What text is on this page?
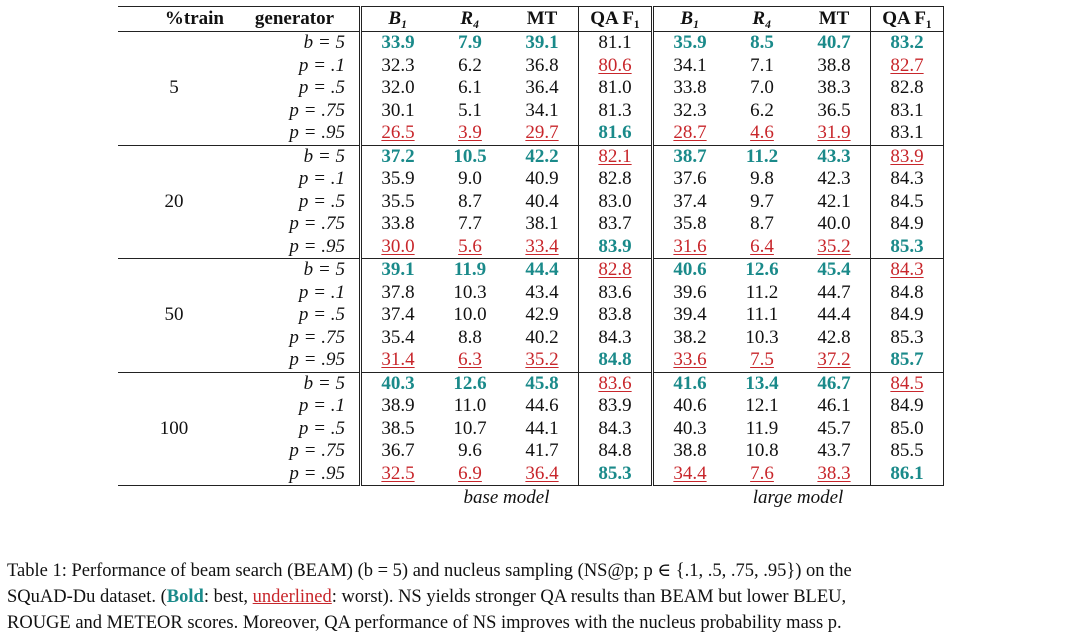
%train	generator	B₁	R₄	MT	QA F₁	B₁	R₄	MT	QA F₁
	b = 5	33.9	7.9	39.1	81.1	35.9	8.5	40.7	83.2
	p = .1	32.3	6.2	36.8	80.6	34.1	7.1	38.8	82.7
5	p = .5	32.0	6.1	36.4	81.0	33.8	7.0	38.3	82.8
	p = .75	30.1	5.1	34.1	81.3	32.3	6.2	36.5	83.1
	p = .95	26.5	3.9	29.7	81.6	28.7	4.6	31.9	83.1
	b = 5	37.2	10.5	42.2	82.1	38.7	11.2	43.3	83.9
	p = .1	35.9	9.0	40.9	82.8	37.6	9.8	42.3	84.3
20	p = .5	35.5	8.7	40.4	83.0	37.4	9.7	42.1	84.5
	p = .75	33.8	7.7	38.1	83.7	35.8	8.7	40.0	84.9
	p = .95	30.0	5.6	33.4	83.9	31.6	6.4	35.2	85.3
	b = 5	39.1	11.9	44.4	82.8	40.6	12.6	45.4	84.3
	p = .1	37.8	10.3	43.4	83.6	39.6	11.2	44.7	84.8
50	p = .5	37.4	10.0	42.9	83.8	39.4	11.1	44.4	84.9
	p = .75	35.4	8.8	40.2	84.3	38.2	10.3	42.8	85.3
	p = .95	31.4	6.3	35.2	84.8	33.6	7.5	37.2	85.7
	b = 5	40.3	12.6	45.8	83.6	41.6	13.4	46.7	84.5
	p = .1	38.9	11.0	44.6	83.9	40.6	12.1	46.1	84.9
100	p = .5	38.5	10.7	44.1	84.3	40.3	11.9	45.7	85.0
	p = .75	36.7	9.6	41.7	84.8	38.8	10.8	43.7	85.5
	p = .95	32.5	6.9	36.4	85.3	34.4	7.6	38.3	86.1
		base model				large model			
Table 1: Performance of beam search (BEAM) (b = 5) and nucleus sampling (NS@p; p ∈ {.1, .5, .75, .95}) on the
SQuAD-Du dataset. (Bold: best, underlined: worst). NS yields stronger QA results than BEAM but lower BLEU,
ROUGE and METEOR scores. Moreover, QA performance of NS improves with the nucleus probability mass p.
